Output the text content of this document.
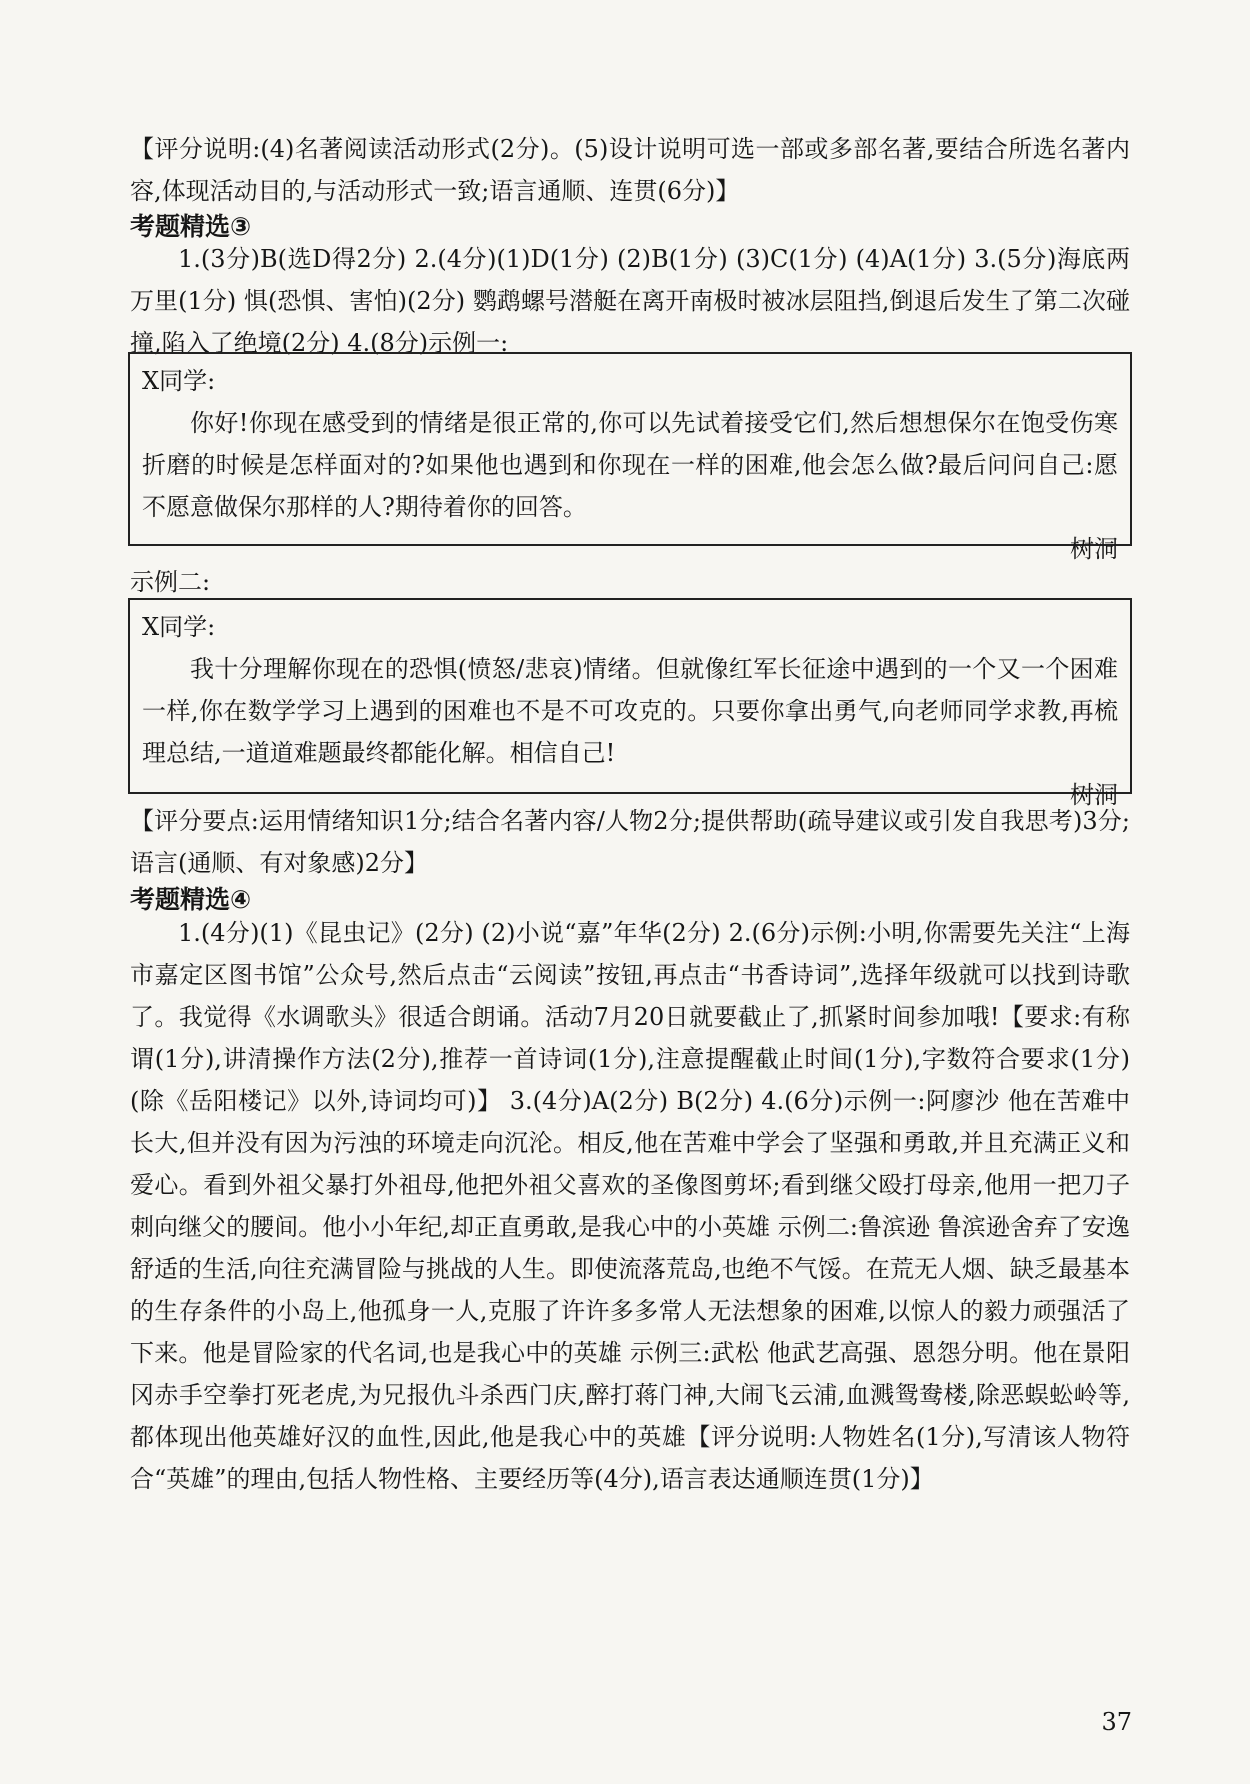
【评分说明:(4)名著阅读活动形式(2分)。(5)设计说明可选一部或多部名著,要结合所选名著内容,体现活动目的,与活动形式一致;语言通顺、连贯(6分)】

考题精选③

1.(3分)B(选D得2分) 2.(4分)(1)D(1分) (2)B(1分) (3)C(1分) (4)A(1分) 3.(5分)海底两万里(1分) 惧(恐惧、害怕)(2分) 鹦鹉螺号潜艇在离开南极时被冰层阻挡,倒退后发生了第二次碰撞,陷入了绝境(2分) 4.(8分)示例一:

X同学:

你好!你现在感受到的情绪是很正常的,你可以先试着接受它们,然后想想保尔在饱受伤寒折磨的时候是怎样面对的?如果他也遇到和你现在一样的困难,他会怎么做?最后问问自己:愿不愿意做保尔那样的人?期待着你的回答。

树洞

示例二:

X同学:

我十分理解你现在的恐惧(愤怒/悲哀)情绪。但就像红军长征途中遇到的一个又一个困难一样,你在数学学习上遇到的困难也不是不可攻克的。只要你拿出勇气,向老师同学求教,再梳理总结,一道道难题最终都能化解。相信自己!

树洞

【评分要点:运用情绪知识1分;结合名著内容/人物2分;提供帮助(疏导建议或引发自我思考)3分;语言(通顺、有对象感)2分】

考题精选④

1.(4分)(1)《昆虫记》(2分) (2)小说“嘉”年华(2分) 2.(6分)示例:小明,你需要先关注“上海市嘉定区图书馆”公众号,然后点击“云阅读”按钮,再点击“书香诗词”,选择年级就可以找到诗歌了。我觉得《水调歌头》很适合朗诵。活动7月20日就要截止了,抓紧时间参加哦!【要求:有称谓(1分),讲清操作方法(2分),推荐一首诗词(1分),注意提醒截止时间(1分),字数符合要求(1分)(除《岳阳楼记》以外,诗词均可)】 3.(4分)A(2分) B(2分) 4.(6分)示例一:阿廖沙 他在苦难中长大,但并没有因为污浊的环境走向沉沦。相反,他在苦难中学会了坚强和勇敢,并且充满正义和爱心。看到外祖父暴打外祖母,他把外祖父喜欢的圣像图剪坏;看到继父殴打母亲,他用一把刀子刺向继父的腰间。他小小年纪,却正直勇敢,是我心中的小英雄 示例二:鲁滨逊 鲁滨逊舍弃了安逸舒适的生活,向往充满冒险与挑战的人生。即使流落荒岛,也绝不气馁。在荒无人烟、缺乏最基本的生存条件的小岛上,他孤身一人,克服了许许多多常人无法想象的困难,以惊人的毅力顽强活了下来。他是冒险家的代名词,也是我心中的英雄 示例三:武松 他武艺高强、恩怨分明。他在景阳冈赤手空拳打死老虎,为兄报仇斗杀西门庆,醉打蒋门神,大闹飞云浦,血溅鸳鸯楼,除恶蜈蚣岭等,都体现出他英雄好汉的血性,因此,他是我心中的英雄【评分说明:人物姓名(1分),写清该人物符合“英雄”的理由,包括人物性格、主要经历等(4分),语言表达通顺连贯(1分)】

37
